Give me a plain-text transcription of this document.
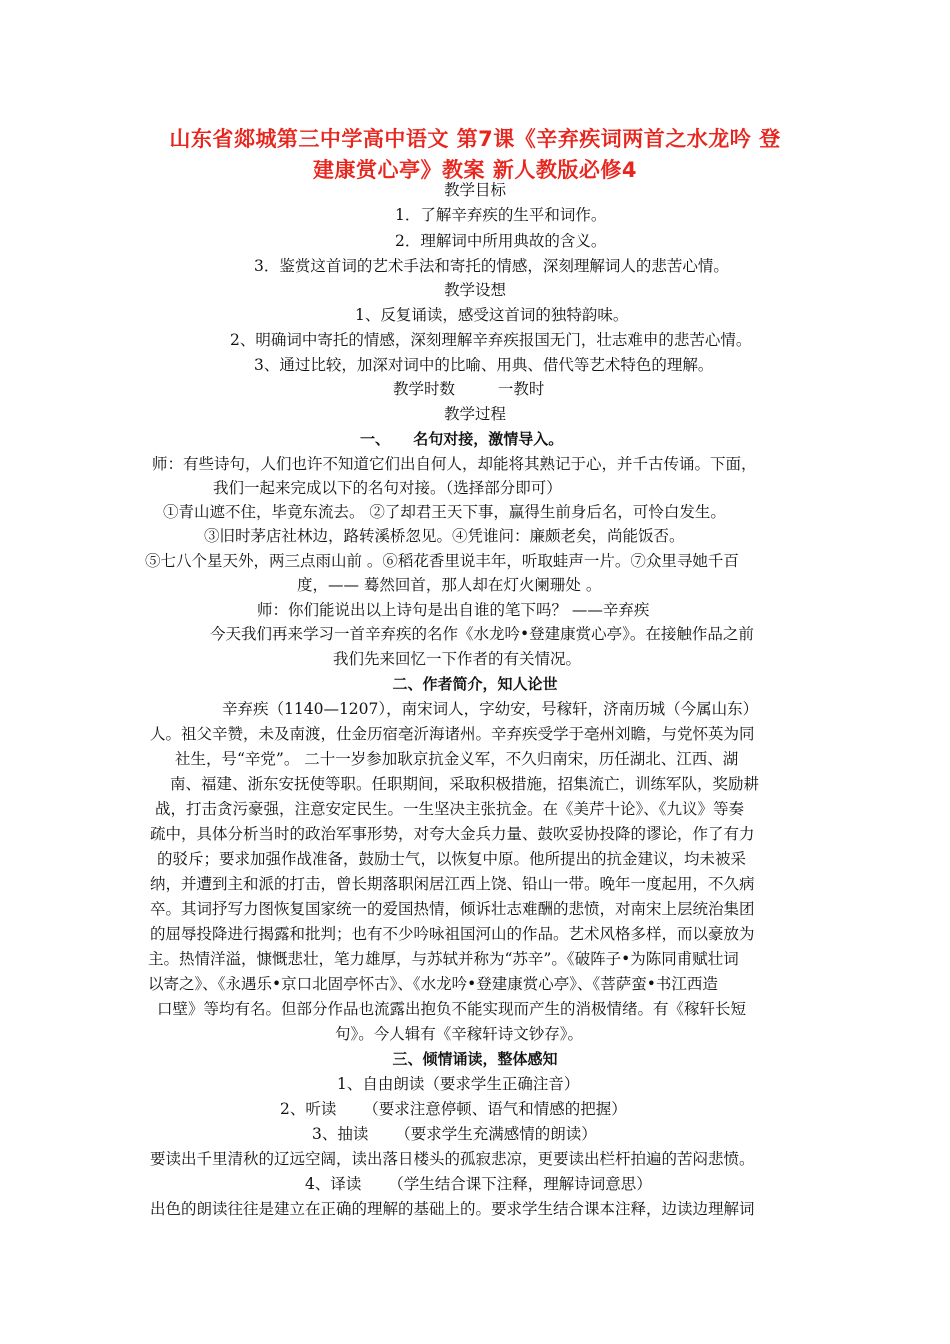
山东省郯城第三中学高中语文 第7课《辛弃疾词两首之水龙吟 登
建康赏心亭》教案 新人教版必修4
教学目标
1．了解辛弃疾的生平和词作。
2．理解词中所用典故的含义。
3．鉴赏这首词的艺术手法和寄托的情感，深刻理解词人的悲苦心情。
教学设想
1、反复诵读，感受这首词的独特韵味。
2、明确词中寄托的情感，深刻理解辛弃疾报国无门，壮志难申的悲苦心情。
3、通过比较，加深对词中的比喻、用典、借代等艺术特色的理解。
教学时数 一教时
教学过程
一、 名句对接，激情导入。
师：有些诗句，人们也许不知道它们出自何人，却能将其熟记于心，并千古传诵。下面，
我们一起来完成以下的名句对接。（选择部分即可）
①青山遮不住，毕竟东流去。 ②了却君王天下事，赢得生前身后名，可怜白发生。
③旧时茅店社林边，路转溪桥忽见。④凭谁问：廉颇老矣，尚能饭否。
⑤七八个星天外，两三点雨山前 。⑥稻花香里说丰年，听取蛙声一片。⑦众里寻她千百
度，—— 蓦然回首，那人却在灯火阑珊处 。
师：你们能说出以上诗句是出自谁的笔下吗？ ——辛弃疾
今天我们再来学习一首辛弃疾的名作《水龙吟•登建康赏心亭》。在接触作品之前
我们先来回忆一下作者的有关情况。
二、作者简介，知人论世
辛弃疾（1140—1207），南宋词人，字幼安，号稼轩，济南历城（今属山东）
人。祖父辛赞，未及南渡，仕金历宿亳沂海诸州。辛弃疾受学于亳州刘瞻，与党怀英为同
社生，号“辛党”。 二十一岁参加耿京抗金义军，不久归南宋，历任湖北、江西、湖
南、福建、浙东安抚使等职。任职期间，采取积极措施，招集流亡，训练军队，奖励耕
战，打击贪污豪强，注意安定民生。一生坚决主张抗金。在《美芹十论》、《九议》等奏
疏中，具体分析当时的政治军事形势，对夸大金兵力量、鼓吹妥协投降的谬论，作了有力
的驳斥；要求加强作战准备，鼓励士气，以恢复中原。他所提出的抗金建议，均未被采
纳，并遭到主和派的打击，曾长期落职闲居江西上饶、铅山一带。晚年一度起用，不久病
卒。其词抒写力图恢复国家统一的爱国热情，倾诉壮志难酬的悲愤，对南宋上层统治集团
的屈辱投降进行揭露和批判；也有不少吟咏祖国河山的作品。艺术风格多样，而以豪放为
主。热情洋溢，慷慨悲壮，笔力雄厚，与苏轼并称为“苏辛”。《破阵子•为陈同甫赋壮词
以寄之》、《永遇乐•京口北固亭怀古》、《水龙吟•登建康赏心亭》、《菩萨蛮•书江西造
口壁》等均有名。但部分作品也流露出抱负不能实现而产生的消极情绪。有《稼轩长短
句》。今人辑有《辛稼轩诗文钞存》。
三、倾情诵读，整体感知
1、自由朗读（要求学生正确注音）
2、听读 （要求注意停顿、语气和情感的把握）
3、抽读 （要求学生充满感情的朗读）
要读出千里清秋的辽远空阔，读出落日楼头的孤寂悲凉，更要读出栏杆拍遍的苦闷悲愤。
4、译读 （学生结合课下注释，理解诗词意思）
出色的朗读往往是建立在正确的理解的基础上的。要求学生结合课本注释，边读边理解词
